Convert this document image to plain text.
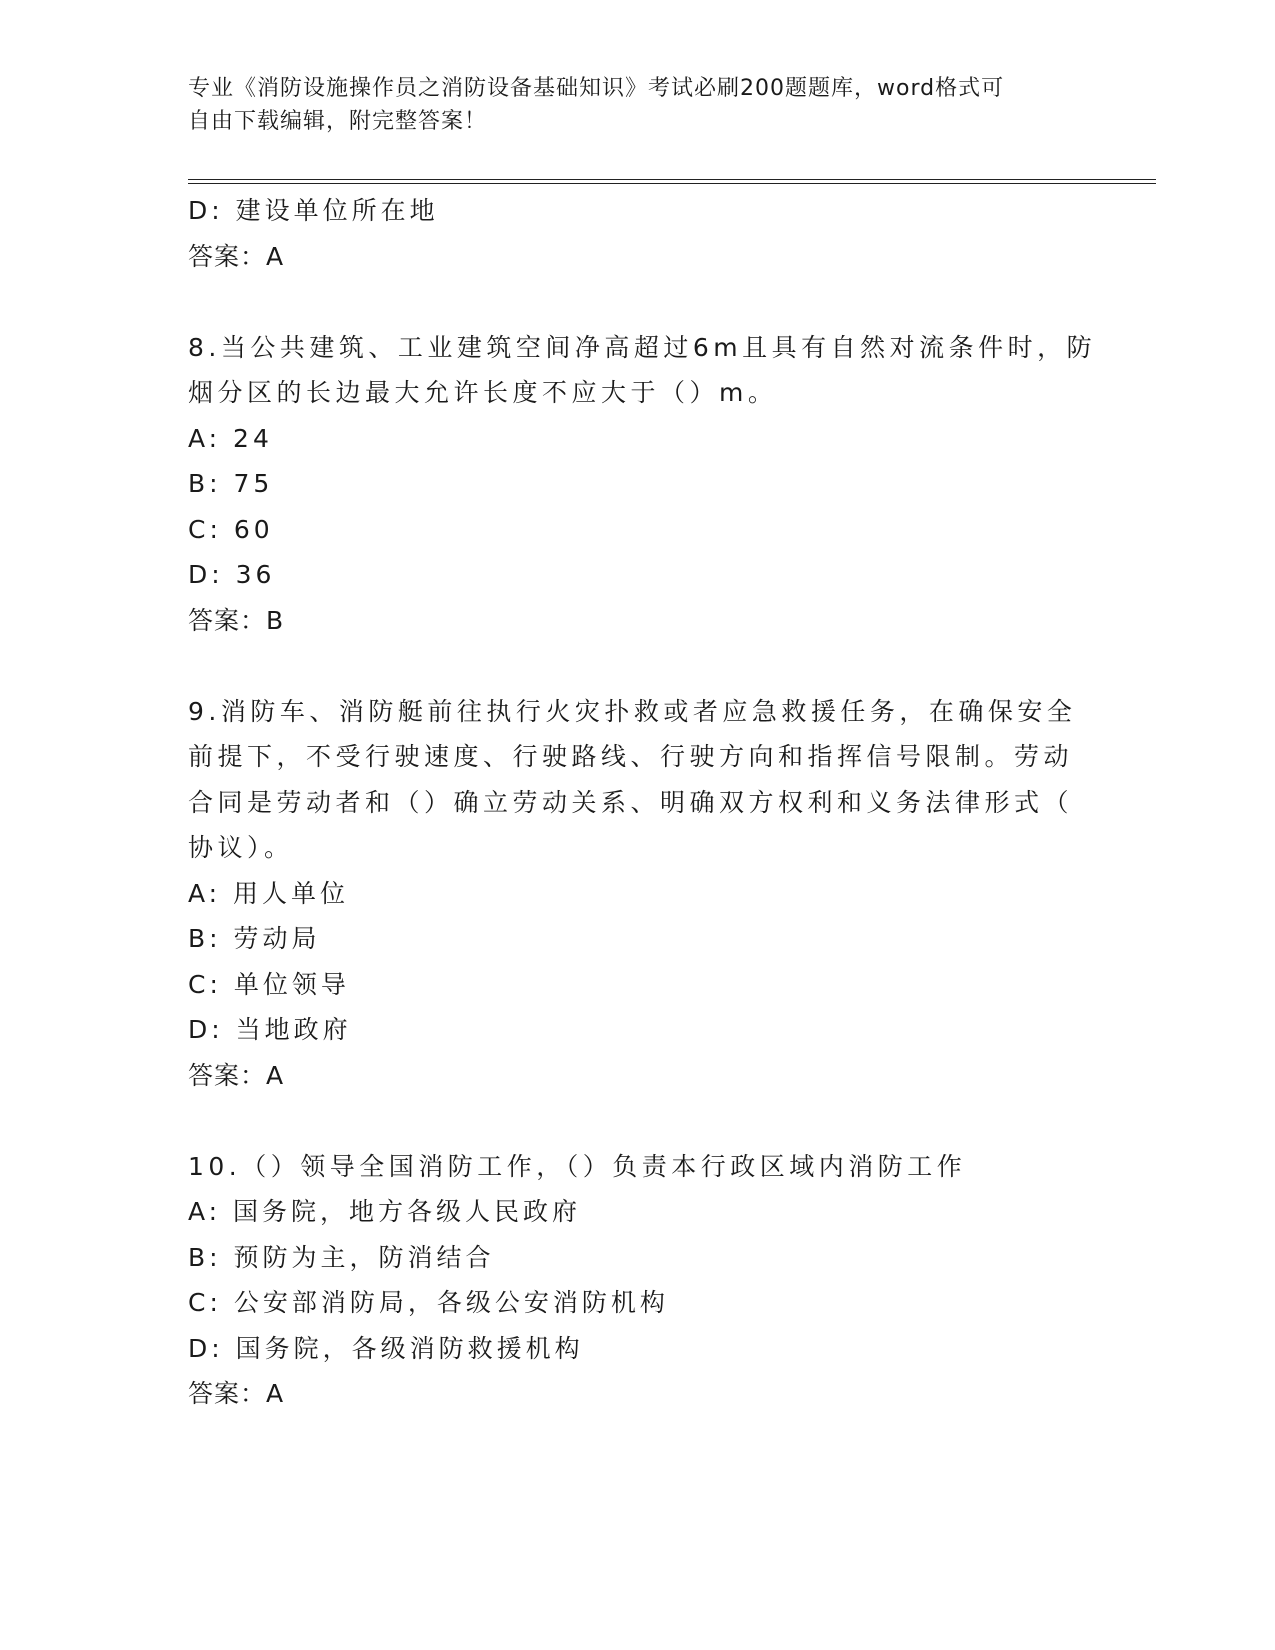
专业《消防设施操作员之消防设备基础知识》考试必刷200题题库，word格式可
自由下载编辑，附完整答案！
D: 建设单位所在地
答案：A
8.当公共建筑、工业建筑空间净高超过6m且具有自然对流条件时，防
烟分区的长边最大允许长度不应大于（）m。
A: 24
B: 75
C: 60
D: 36
答案：B
9.消防车、消防艇前往执行火灾扑救或者应急救援任务，在确保安全
前提下，不受行驶速度、行驶路线、行驶方向和指挥信号限制。劳动
合同是劳动者和（）确立劳动关系、明确双方权利和义务法律形式（
协议）。
A: 用人单位
B: 劳动局
C: 单位领导
D: 当地政府
答案：A
10.（）领导全国消防工作，（）负责本行政区域内消防工作
A: 国务院，地方各级人民政府
B: 预防为主，防消结合
C: 公安部消防局，各级公安消防机构
D: 国务院，各级消防救援机构
答案：A
